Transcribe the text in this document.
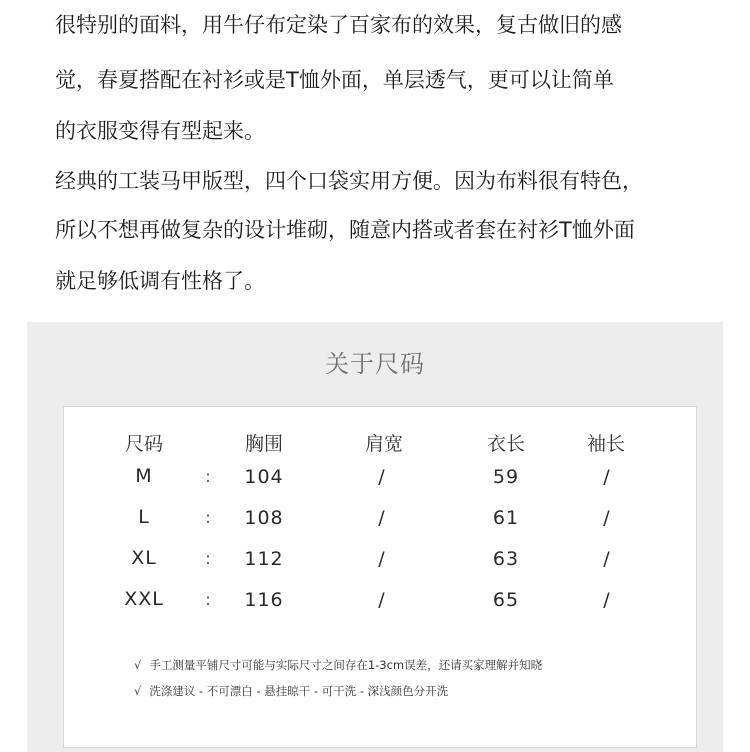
很特别的面料，用牛仔布定染了百家布的效果，复古做旧的感
觉，春夏搭配在衬衫或是T恤外面，单层透气，更可以让简单
的衣服变得有型起来。
经典的工装马甲版型，四个口袋实用方便。因为布料很有特色，
所以不想再做复杂的设计堆砌，随意内搭或者套在衬衫T恤外面
就足够低调有性格了。
关于尺码
尺码	胸围	肩宽	衣长	袖长
M	: 104	/	59	/
L	: 108	/	61	/
XL	: 112	/	63	/
XXL : 116	/	65	/
√ 手工测量平铺尺寸可能与实际尺寸之间存在1-3cm误差，还请买家理解并知晓
√ 洗涤建议 - 不可漂白 - 悬挂晾干 - 可干洗 - 深浅颜色分开洗
